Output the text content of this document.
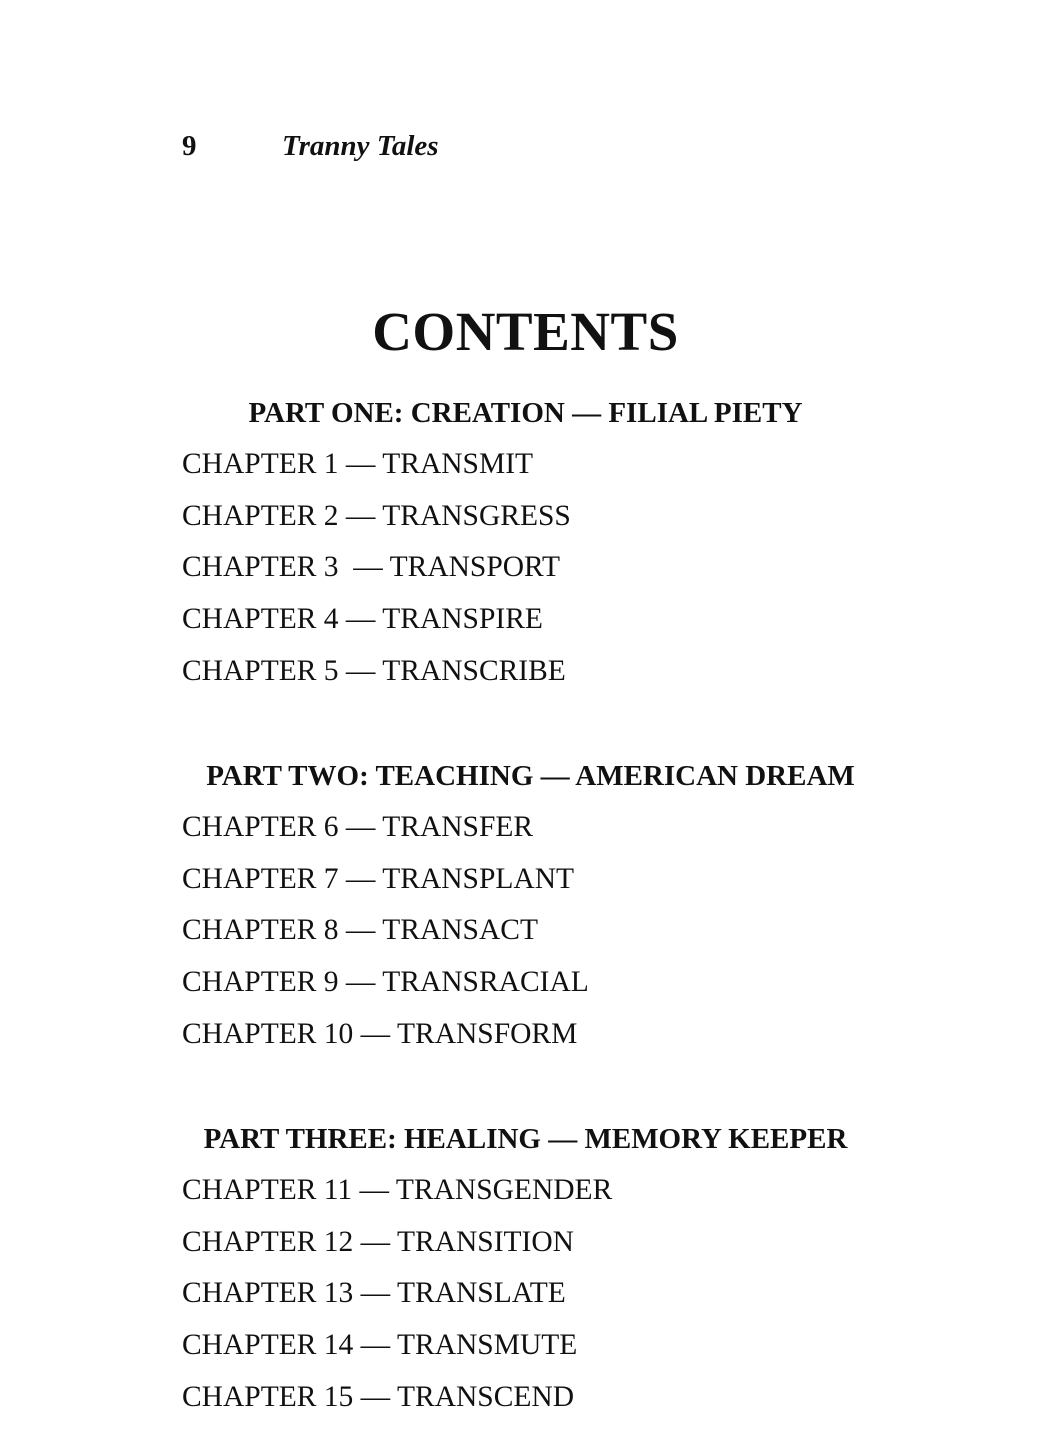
9	Tranny Tales
CONTENTS
PART ONE: CREATION — FILIAL PIETY
CHAPTER 1 — TRANSMIT
CHAPTER 2 — TRANSGRESS
CHAPTER 3  — TRANSPORT
CHAPTER 4 — TRANSPIRE
CHAPTER 5 — TRANSCRIBE
PART TWO: TEACHING — AMERICAN DREAM
CHAPTER 6 — TRANSFER
CHAPTER 7 — TRANSPLANT
CHAPTER 8 — TRANSACT
CHAPTER 9 — TRANSRACIAL
CHAPTER 10 — TRANSFORM
PART THREE: HEALING — MEMORY KEEPER
CHAPTER 11 — TRANSGENDER
CHAPTER 12 — TRANSITION
CHAPTER 13 — TRANSLATE
CHAPTER 14 — TRANSMUTE
CHAPTER 15 — TRANSCEND
